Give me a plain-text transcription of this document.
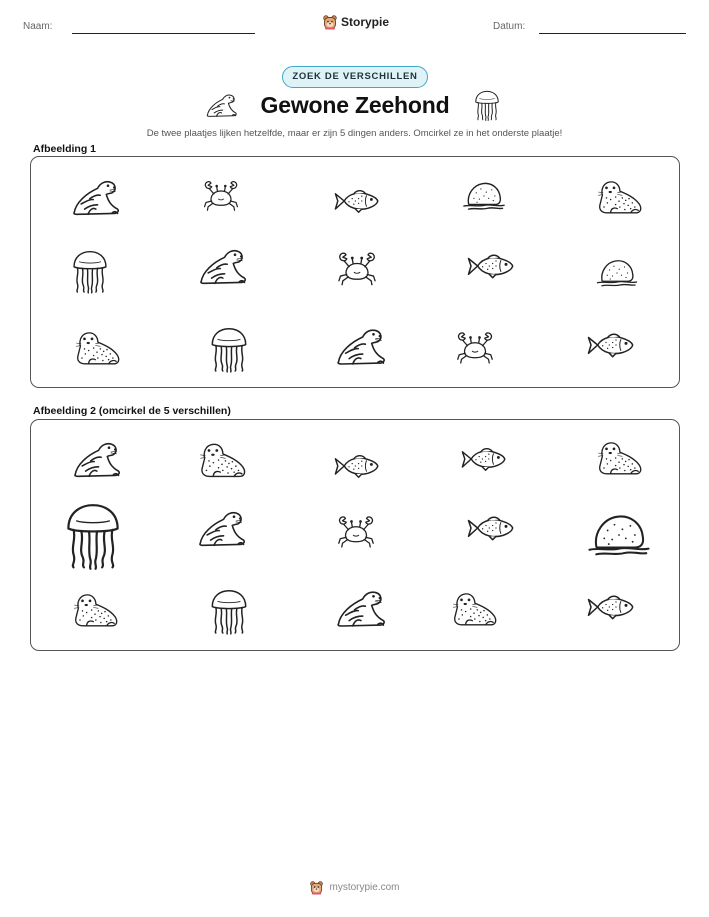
Naam:	Storypie	Datum:
ZOEK DE VERSCHILLEN
Gewone Zeehond
De twee plaatjes lijken hetzelfde, maar er zijn 5 dingen anders. Omcirkel ze in het onderste plaatje!
Afbeelding 1
Afbeelding 2 (omcirkel de 5 verschillen)
mystorypie.com
